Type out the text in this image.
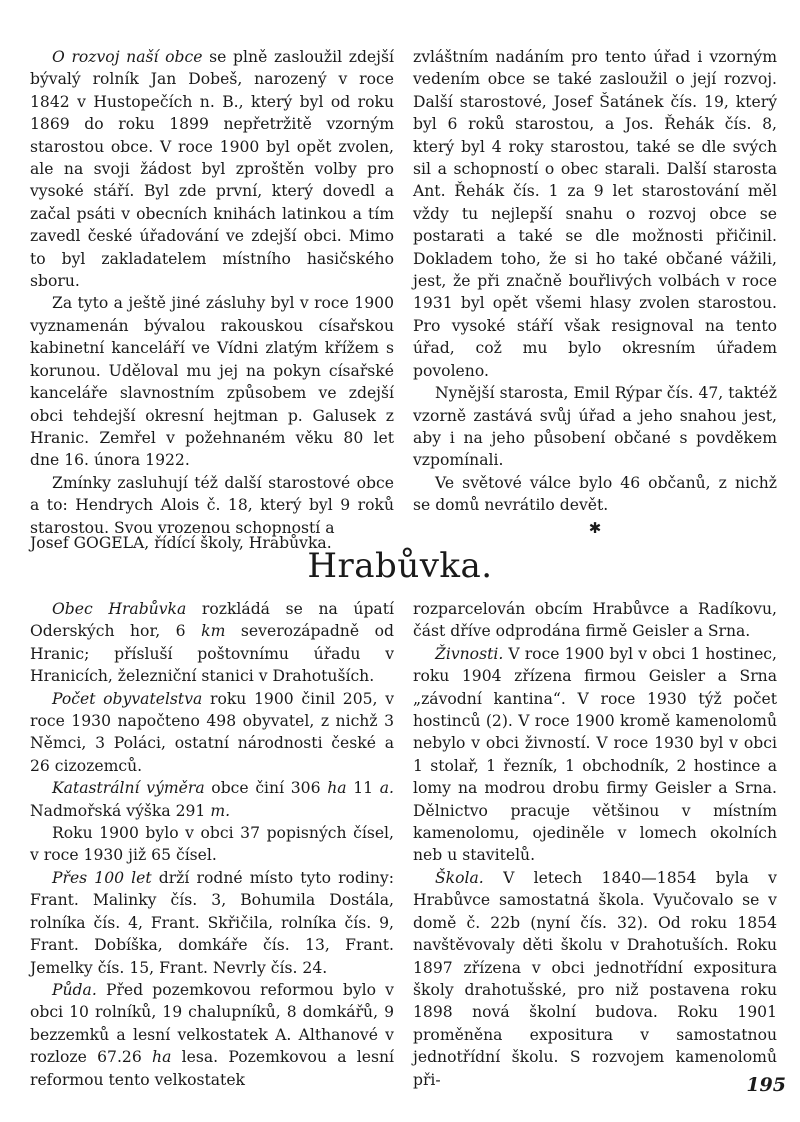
O rozvoj naší obce se plně zasloužil zdejší bývalý rolník Jan Dobeš, narozený v roce 1842 v Hustopečích n. B., který byl od roku 1869 do roku 1899 nepřetržitě vzorným starostou obce. V roce 1900 byl opět zvolen, ale na svoji žádost byl zproštěn volby pro vysoké stáří. Byl zde první, který dovedl a začal psáti v obecních knihách latinkou a tím zavedl české úřadování ve zdejší obci. Mimo to byl zakladatelem místního hasičského sboru.

Za tyto a ještě jiné zásluhy byl v roce 1900 vyznamenán bývalou rakouskou císařskou kabinetní kanceláří ve Vídni zlatým křížem s korunou. Uděloval mu jej na pokyn císařské kanceláře slavnostním způsobem ve zdejší obci tehdejší okresní hejtman p. Galusek z Hranic. Zemřel v požehnaném věku 80 let dne 16. února 1922.

Zmínky zasluhují též další starostové obce a to: Hendrych Alois č. 18, který byl 9 roků starostou. Svou vrozenou schopností a

zvláštním nadáním pro tento úřad i vzorným vedením obce se také zasloužil o její rozvoj. Další starostové, Josef Šatánek čís. 19, který byl 6 roků starostou, a Jos. Řehák čís. 8, který byl 4 roky starostou, také se dle svých sil a schopností o obec starali. Další starosta Ant. Řehák čís. 1 za 9 let starostování měl vždy tu nejlepší snahu o rozvoj obce se postarati a také se dle možnosti přičinil. Dokladem toho, že si ho také občané vážili, jest, že při značně bouřlivých volbách v roce 1931 byl opět všemi hlasy zvolen starostou. Pro vysoké stáří však resignoval na tento úřad, což mu bylo okresním úřadem povoleno.

Nynější starosta, Emil Rýpar čís. 47, taktéž vzorně zastává svůj úřad a jeho snahou jest, aby i na jeho působení občané s povděkem vzpomínali.

Ve světové válce bylo 46 občanů, z nichž se domů nevrátilo devět.

✱

Josef GOGELA, řídící školy, Hrabůvka.
Hrabůvka.

Obec Hrabůvka rozkládá se na úpatí Oderských hor, 6 km severozápadně od Hranic; přísluší poštovnímu úřadu v Hranicích, železniční stanici v Drahotuších.

Počet obyvatelstva roku 1900 činil 205, v roce 1930 napočteno 498 obyvatel, z nichž 3 Němci, 3 Poláci, ostatní národnosti české a 26 cizozemců.

Katastrální výměra obce činí 306 ha 11 a. Nadmořská výška 291 m.

Roku 1900 bylo v obci 37 popisných čísel, v roce 1930 již 65 čísel.

Přes 100 let drží rodné místo tyto rodiny: Frant. Malinky čís. 3, Bohumila Dostála, rolníka čís. 4, Frant. Skřičila, rolníka čís. 9, Frant. Dobíška, domkáře čís. 13, Frant. Jemelky čís. 15, Frant. Nevrly čís. 24.

Půda. Před pozemkovou reformou bylo v obci 10 rolníků, 19 chalupníků, 8 domkářů, 9 bezzemků a lesní velkostatek A. Althanové v rozloze 67.26 ha lesa. Pozemkovou a lesní reformou tento velkostatek

rozparcelován obcím Hrabůvce a Radíkovu, část dříve odprodána firmě Geisler a Srna.

Živnosti. V roce 1900 byl v obci 1 hostinec, roku 1904 zřízena firmou Geisler a Srna „závodní kantina“. V roce 1930 týž počet hostinců (2). V roce 1900 kromě kamenolomů nebylo v obci živností. V roce 1930 byl v obci 1 stolař, 1 řezník, 1 obchodník, 2 hostince a lomy na modrou drobu firmy Geisler a Srna. Dělnictvo pracuje většinou v místním kamenolomu, ojediněle v lomech okolních neb u stavitelů.

Škola. V letech 1840—1854 byla v Hrabůvce samostatná škola. Vyučovalo se v domě č. 22b (nyní čís. 32). Od roku 1854 navštěvovaly děti školu v Drahotuších. Roku 1897 zřízena v obci jednotřídní expositura školy drahotušské, pro niž postavena roku 1898 nová školní budova. Roku 1901 proměněna expositura v samostatnou jednotřídní školu. S rozvojem kamenolomů při-	195
